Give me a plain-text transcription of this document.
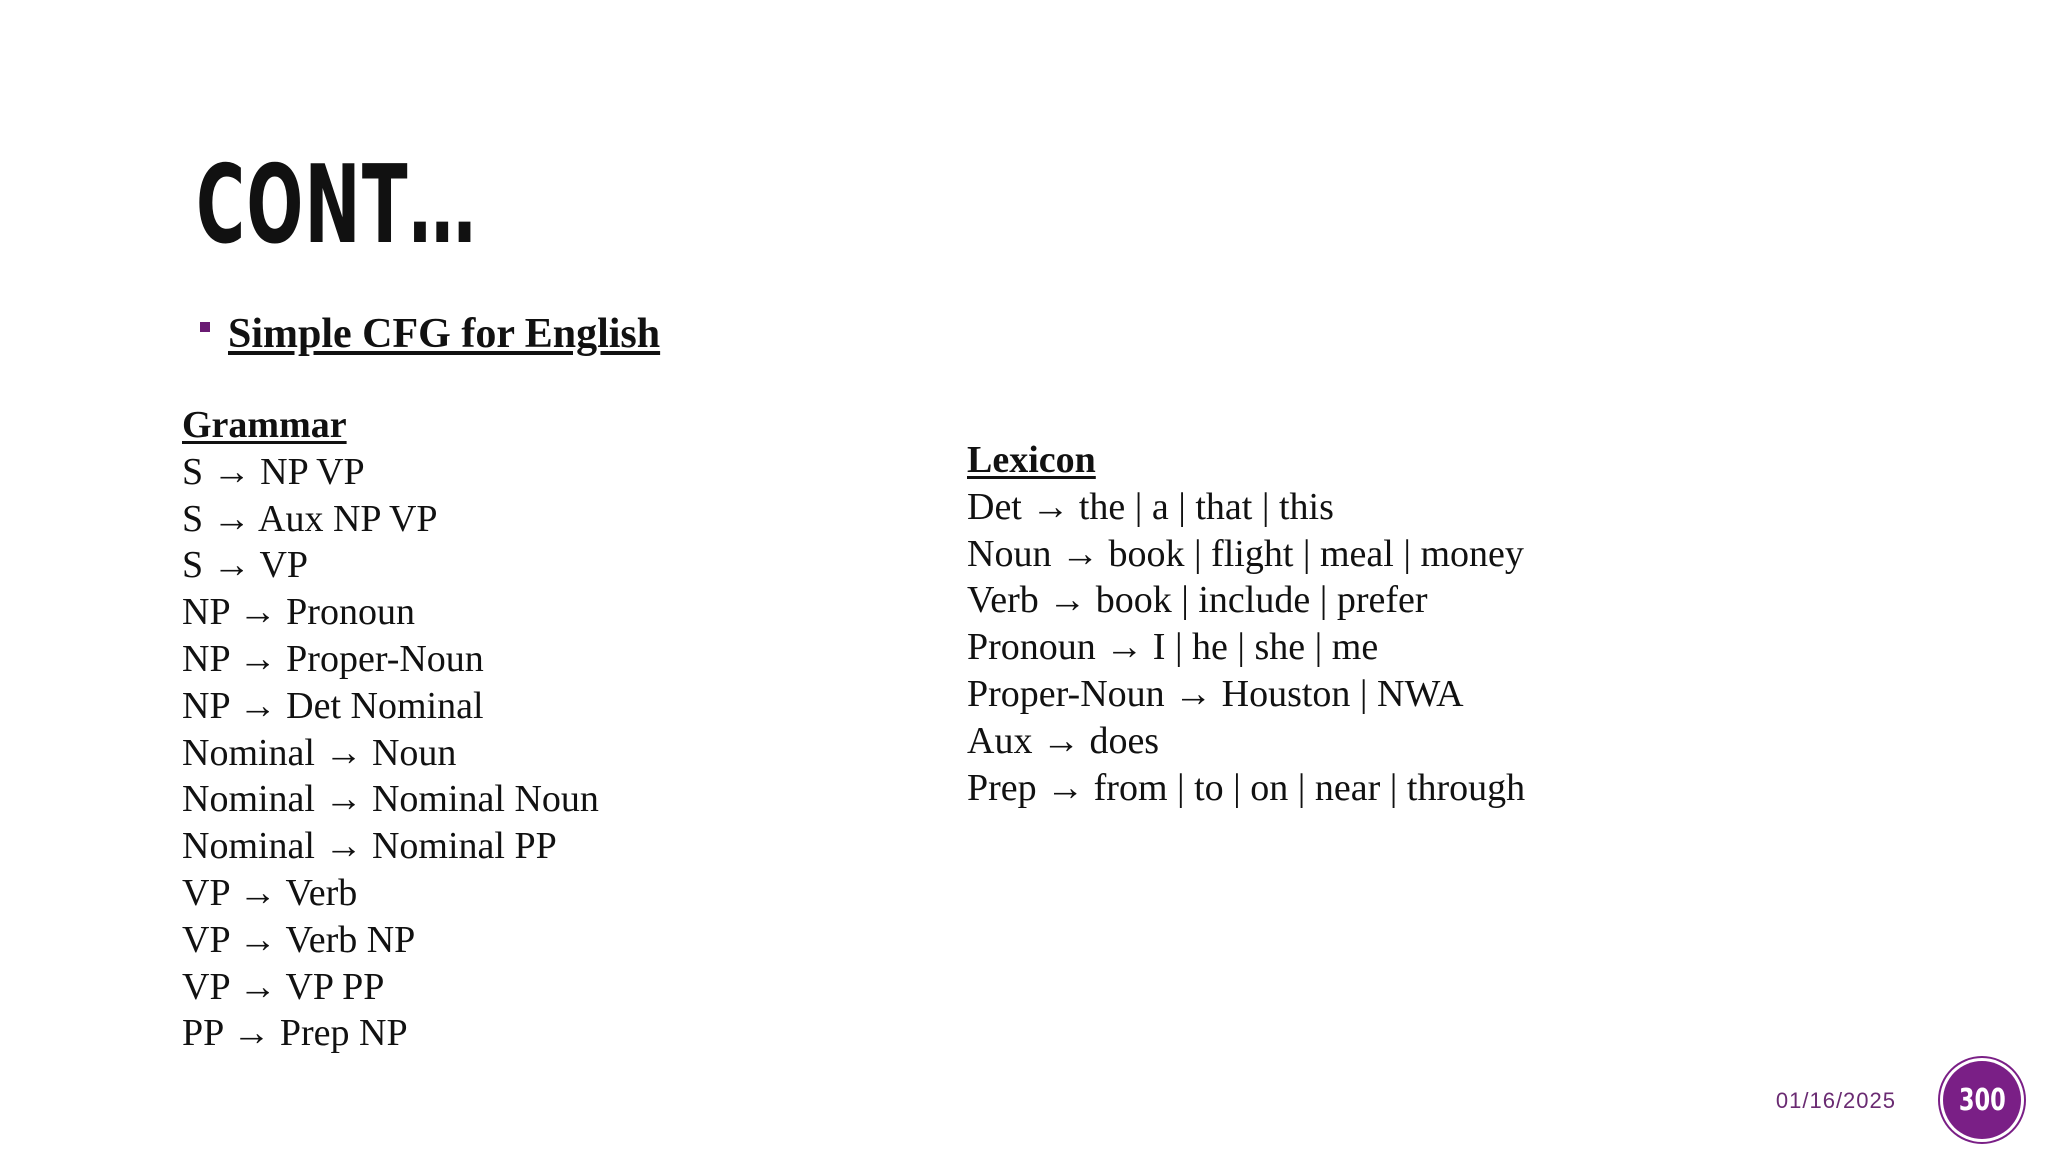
CONT…
Simple CFG for English
Grammar
S → NP VP
S → Aux NP VP
S → VP
NP → Pronoun
NP → Proper-Noun
NP → Det Nominal
Nominal → Noun
Nominal → Nominal Noun
Nominal → Nominal PP
VP → Verb
VP → Verb NP
VP → VP PP
PP → Prep NP
Lexicon
Det → the | a | that | this
Noun → book | flight | meal | money
Verb → book | include | prefer
Pronoun → I | he | she | me
Proper-Noun → Houston | NWA
Aux → does
Prep → from | to | on | near | through
01/16/2025 300
